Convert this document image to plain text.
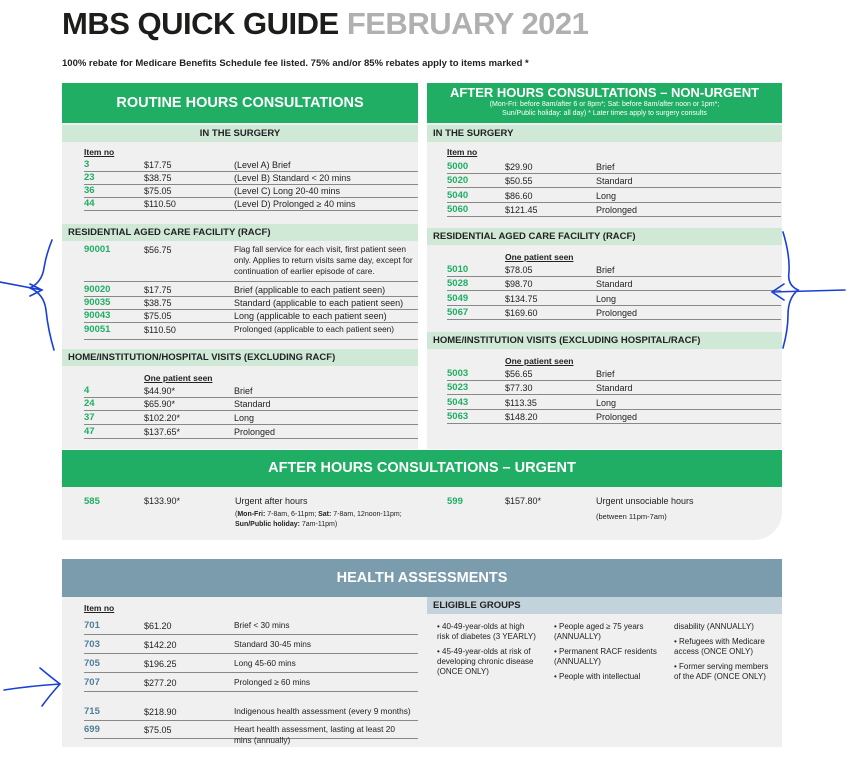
MBS QUICK GUIDE FEBRUARY 2021
100% rebate for Medicare Benefits Schedule fee listed. 75% and/or 85% rebates apply to items marked *
ROUTINE HOURS CONSULTATIONS
IN THE SURGERY
Item no
3	$17.75	(Level A) Brief
23	$38.75	(Level B) Standard < 20 mins
36	$75.05	(Level C) Long 20-40 mins
44	$110.50	(Level D) Prolonged ≥ 40 mins
RESIDENTIAL AGED CARE FACILITY (RACF)
90001	$56.75	Flag fall service for each visit, first patient seen only. Applies to return visits same day, except for continuation of earlier episode of care.
90020	$17.75	Brief (applicable to each patient seen)
90035	$38.75	Standard (applicable to each patient seen)
90043	$75.05	Long (applicable to each patient seen)
90051	$110.50	Prolonged (applicable to each patient seen)
HOME/INSTITUTION/HOSPITAL VISITS (EXCLUDING RACF)
One patient seen
4	$44.90*	Brief
24	$65.90*	Standard
37	$102.20*	Long
47	$137.65*	Prolonged
AFTER HOURS CONSULTATIONS – NON-URGENT
(Mon-Fri: before 8am/after 6 or 8pm*; Sat: before 8am/after noon or 1pm*;
Sun/Public holiday: all day) * Later times apply to surgery consults
IN THE SURGERY
Item no
5000	$29.90	Brief
5020	$50.55	Standard
5040	$86.60	Long
5060	$121.45	Prolonged
RESIDENTIAL AGED CARE FACILITY (RACF)
One patient seen
5010	$78.05	Brief
5028	$98.70	Standard
5049	$134.75	Long
5067	$169.60	Prolonged
HOME/INSTITUTION VISITS (EXCLUDING HOSPITAL/RACF)
One patient seen
5003	$56.65	Brief
5023	$77.30	Standard
5043	$113.35	Long
5063	$148.20	Prolonged
AFTER HOURS CONSULTATIONS – URGENT
585	$133.90*	Urgent after hours
(Mon-Fri: 7-8am, 6-11pm; Sat: 7-8am, 12noon-11pm;
Sun/Public holiday: 7am-11pm)
599	$157.80*	Urgent unsociable hours
(between 11pm-7am)
HEALTH ASSESSMENTS
Item no
701	$61.20	Brief < 30 mins
703	$142.20	Standard 30-45 mins
705	$196.25	Long 45-60 mins
707	$277.20	Prolonged ≥ 60 mins
715	$218.90	Indigenous health assessment (every 9 months)
699	$75.05	Heart health assessment, lasting at least 20 mins (annually)
ELIGIBLE GROUPS
• 40-49-year-olds at high risk of diabetes (3 YEARLY)
• 45-49-year-olds at risk of developing chronic disease (ONCE ONLY)
• People aged ≥ 75 years (ANNUALLY)
• Permanent RACF residents (ANNUALLY)
• People with intellectual
disability (ANNUALLY)
• Refugees with Medicare access (ONCE ONLY)
• Former serving members of the ADF (ONCE ONLY)
